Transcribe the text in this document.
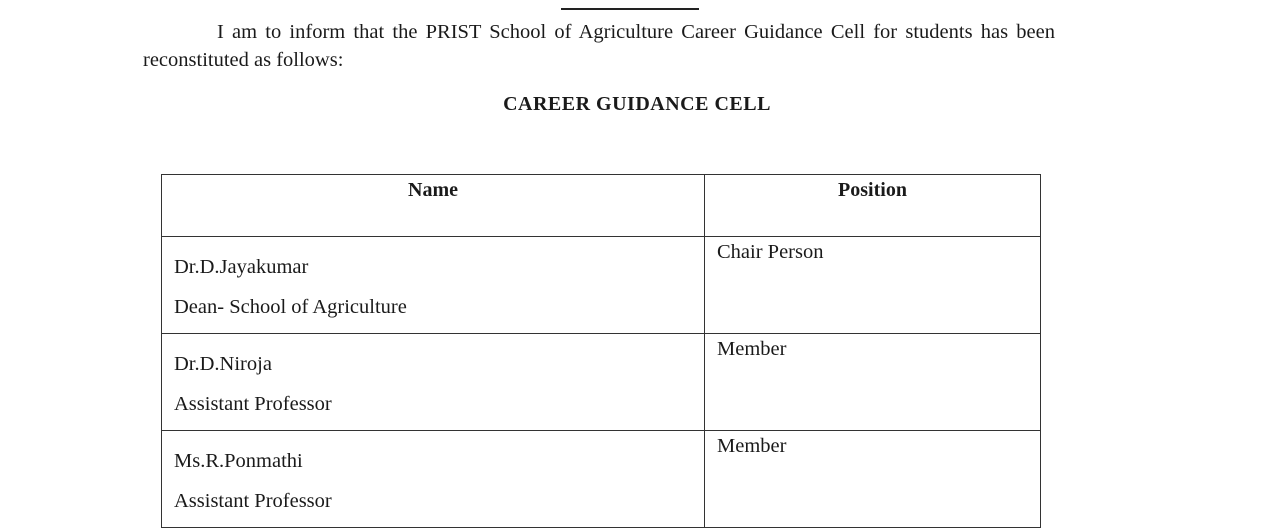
I am to inform that the PRIST School of Agriculture Career Guidance Cell for students has been reconstituted as follows:
CAREER GUIDANCE CELL
Name	Position

Dr.D.Jayakumar
Dean- School of Agriculture	Chair Person

Dr.D.Niroja
Assistant Professor	Member

Ms.R.Ponmathi
Assistant Professor	Member
